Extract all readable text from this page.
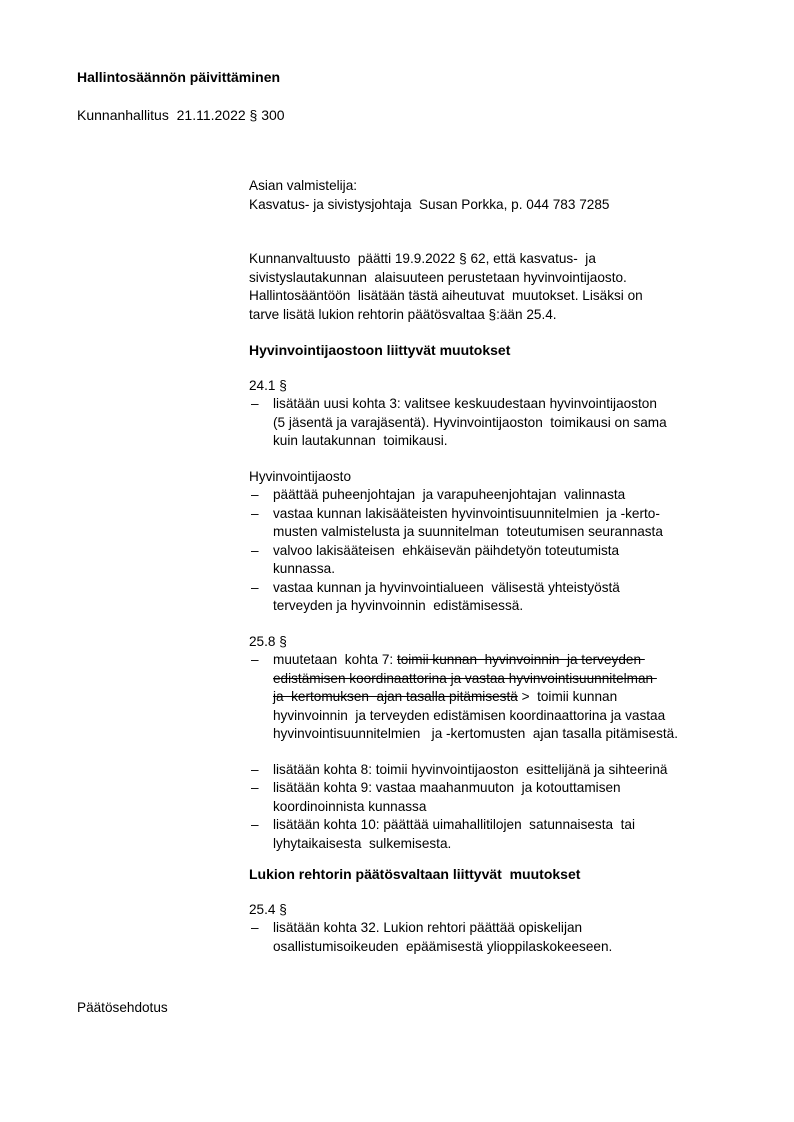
Hallintosäännön päivittäminen
Kunnanhallitus  21.11.2022 § 300
Asian valmistelija:
Kasvatus- ja sivistysjohtaja  Susan Porkka, p. 044 783 7285
Kunnanvaltuusto  päätti 19.9.2022 § 62, että kasvatus-  ja
sivistyslautakunnan  alaisuuteen perustetaan hyvinvointijaosto.
Hallintosääntöön  lisätään tästä aiheutuvat  muutokset. Lisäksi on
tarve lisätä lukion rehtorin päätösvaltaa §:ään 25.4.
Hyvinvointijaostoon liittyvät muutokset
24.1 §
– lisätään uusi kohta 3: valitsee keskuudestaan hyvinvointijaoston
(5 jäsentä ja varajäsentä). Hyvinvointijaoston  toimikausi on sama
kuin lautakunnan  toimikausi.
Hyvinvointijaosto
– päättää puheenjohtajan  ja varapuheenjohtajan  valinnasta
– vastaa kunnan lakisääteisten hyvinvointisuunnitelmien  ja -kerto-
musten valmistelusta ja suunnitelman  toteutumisen seurannasta
– valvoo lakisääteisen  ehkäisevän päihdetyön toteutumista
kunnassa.
– vastaa kunnan ja hyvinvointialueen  välisestä yhteistyöstä
terveyden ja hyvinvoinnin  edistämisessä.
25.8 §
– muutetaan  kohta 7: toimii kunnan  hyvinvoinnin  ja terveyden
edistämisen koordinaattorina ja vastaa hyvinvointisuunnitelman
ja  kertomuksen  ajan tasalla pitämisestä >  toimii kunnan
hyvinvoinnin  ja terveyden edistämisen koordinaattorina ja vastaa
hyvinvointisuunnitelmien   ja -kertomusten  ajan tasalla pitämisestä.
– lisätään kohta 8: toimii hyvinvointijaoston  esittelijänä ja sihteerinä
– lisätään kohta 9: vastaa maahanmuuton  ja kotouttamisen
koordinoinnista kunnassa
– lisätään kohta 10: päättää uimahallitilojen  satunnaisesta  tai
lyhytaikaisesta  sulkemisesta.
Lukion rehtorin päätösvaltaan liittyvät  muutokset
25.4 §
– lisätään kohta 32. Lukion rehtori päättää opiskelijan
osallistumisoikeuden  epäämisestä ylioppilaskokeeseen.
Päätösehdotus
